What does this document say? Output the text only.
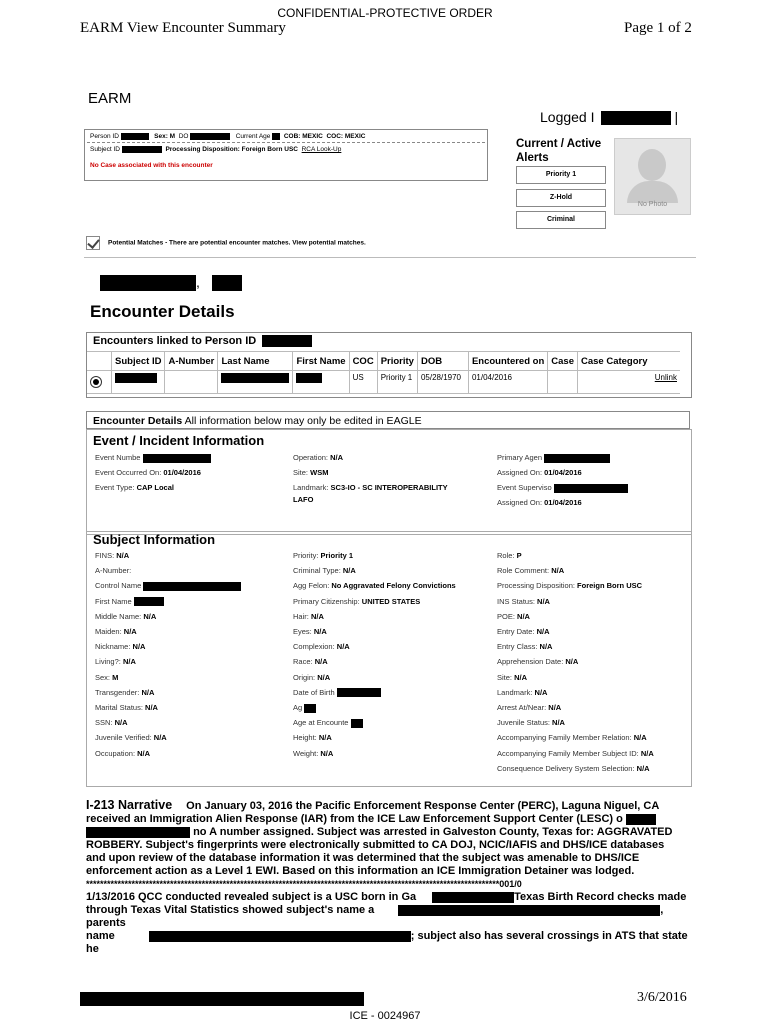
CONFIDENTIAL-PROTECTIVE ORDER
EARM View Encounter Summary	Page 1 of 2
EARM
Logged I	|
Person ID	Sex: M DO	Current Age COB: MEXIC COC: MEXIC
Subject ID	Processing Disposition: Foreign Born USC RCA Look-Up
No Case associated with this encounter
Current / Active Alerts
Priority 1
Z-Hold
Criminal
No Photo
Potential Matches - There are potential encounter matches. View potential matches.
,
Encounter Details
Encounters linked to Person ID
	Subject ID	A-Number	Last Name	First Name	COC	Priority	DOB	Encountered on	Case	Case Category
					US	Priority 1	05/28/1970	01/04/2016		Unlink
Encounter Details All information below may only be edited in EAGLE
Event / Incident Information
Event Numbe
Event Occurred On: 01/04/2016
Event Type: CAP Local
Operation: N/A
Site: WSM
Landmark: SC3-IO - SC INTEROPERABILITY
LAFO
Primary Agen
Assigned On: 01/04/2016
Event Superviso
Assigned On: 01/04/2016
Subject Information
FINS: N/A
A-Number:
Control Name
First Name
Middle Name: N/A
Maiden: N/A
Nickname: N/A
Living?: N/A
Sex: M
Transgender: N/A
Marital Status: N/A
SSN: N/A
Juvenile Verified: N/A
Occupation: N/A
Priority: Priority 1
Criminal Type: N/A
Agg Felon: No Aggravated Felony Convictions
Primary Citizenship: UNITED STATES
Hair: N/A
Eyes: N/A
Complexion: N/A
Race: N/A
Origin: N/A
Date of Birth
Ag
Age at Encounte
Height: N/A
Weight: N/A
Role: P
Role Comment: N/A
Processing Disposition: Foreign Born USC
INS Status: N/A
POE: N/A
Entry Date: N/A
Entry Class: N/A
Apprehension Date: N/A
Site: N/A
Landmark: N/A
Arrest At/Near: N/A
Juvenile Status: N/A
Accompanying Family Member Relation: N/A
Accompanying Family Member Subject ID: N/A
Consequence Delivery System Selection: N/A
I-213 Narrative On January 03, 2016 the Pacific Enforcement Response Center (PERC), Laguna Niguel, CA
received an Immigration Alien Response (IAR) from the ICE Law Enforcement Support Center (LESC) o
no A number assigned. Subject was arrested in Galveston County, Texas for: AGGRAVATED
ROBBERY. Subject's fingerprints were electronically submitted to CA DOJ, NCIC/IAFIS and DHS/ICE databases
and upon review of the database information it was determined that the subject was amenable to DHS/ICE
enforcement action as a Level 1 EWI. Based on this information an ICE Immigration Detainer was lodged.
**********************************************************************************************************************001/0
1/13/2016 QCC conducted revealed subject is a USC born in Ga	Texas Birth Record checks made
through Texas Vital Statistics showed subject's name a	, parents
name	; subject also has several crossings in ATS that state he
3/6/2016
ICE - 0024967
